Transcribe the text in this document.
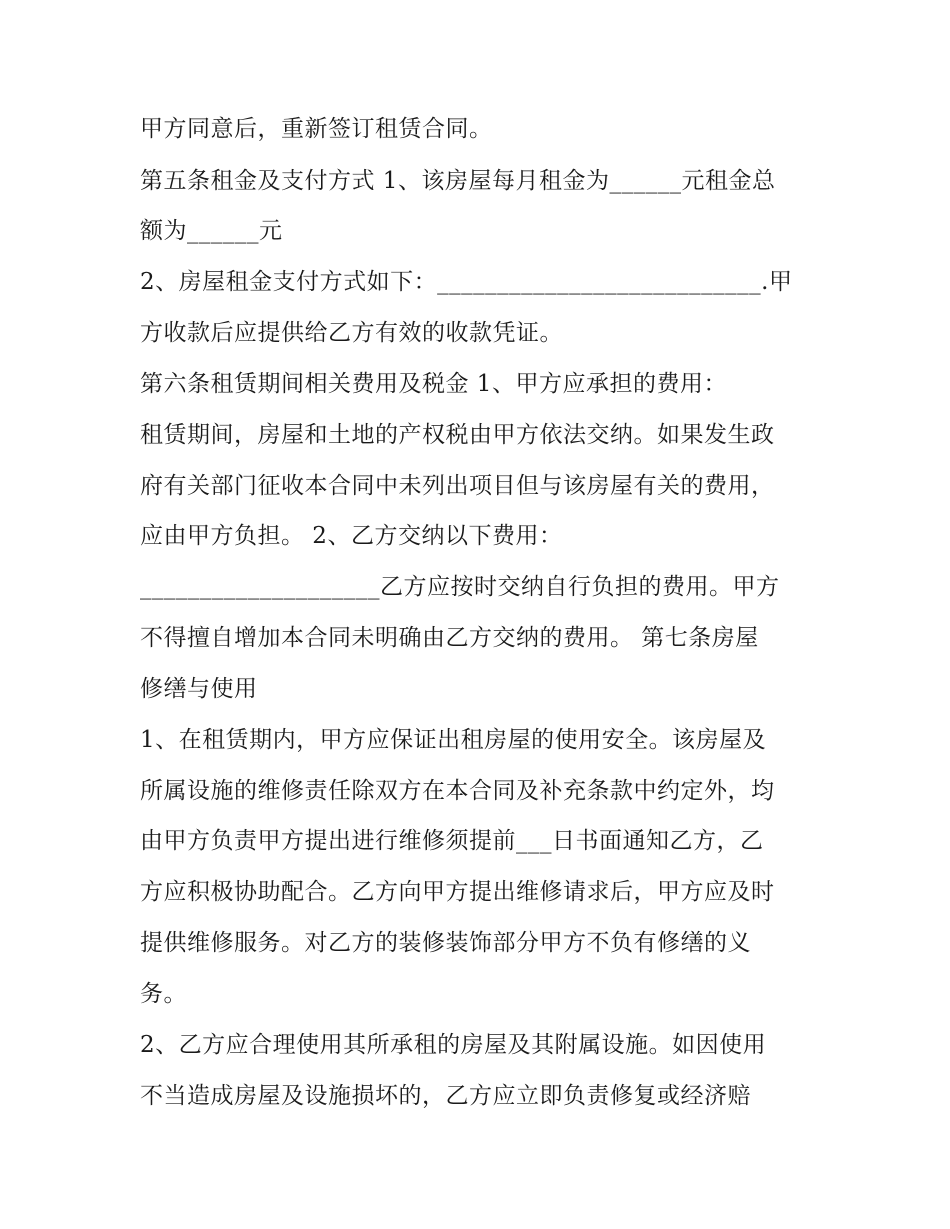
甲方同意后，重新签订租赁合同。
第五条租金及支付方式 1、该房屋每月租金为______元租金总
额为______元
2、房屋租金支付方式如下：___________________________.甲
方收款后应提供给乙方有效的收款凭证。
第六条租赁期间相关费用及税金 1、甲方应承担的费用：
租赁期间，房屋和土地的产权税由甲方依法交纳。如果发生政
府有关部门征收本合同中未列出项目但与该房屋有关的费用，
应由甲方负担。 2、乙方交纳以下费用：
____________________乙方应按时交纳自行负担的费用。甲方
不得擅自增加本合同未明确由乙方交纳的费用。 第七条房屋
修缮与使用
1、在租赁期内，甲方应保证出租房屋的使用安全。该房屋及
所属设施的维修责任除双方在本合同及补充条款中约定外，均
由甲方负责甲方提出进行维修须提前___日书面通知乙方，乙
方应积极协助配合。乙方向甲方提出维修请求后，甲方应及时
提供维修服务。对乙方的装修装饰部分甲方不负有修缮的义
务。
2、乙方应合理使用其所承租的房屋及其附属设施。如因使用
不当造成房屋及设施损坏的，乙方应立即负责修复或经济赔
